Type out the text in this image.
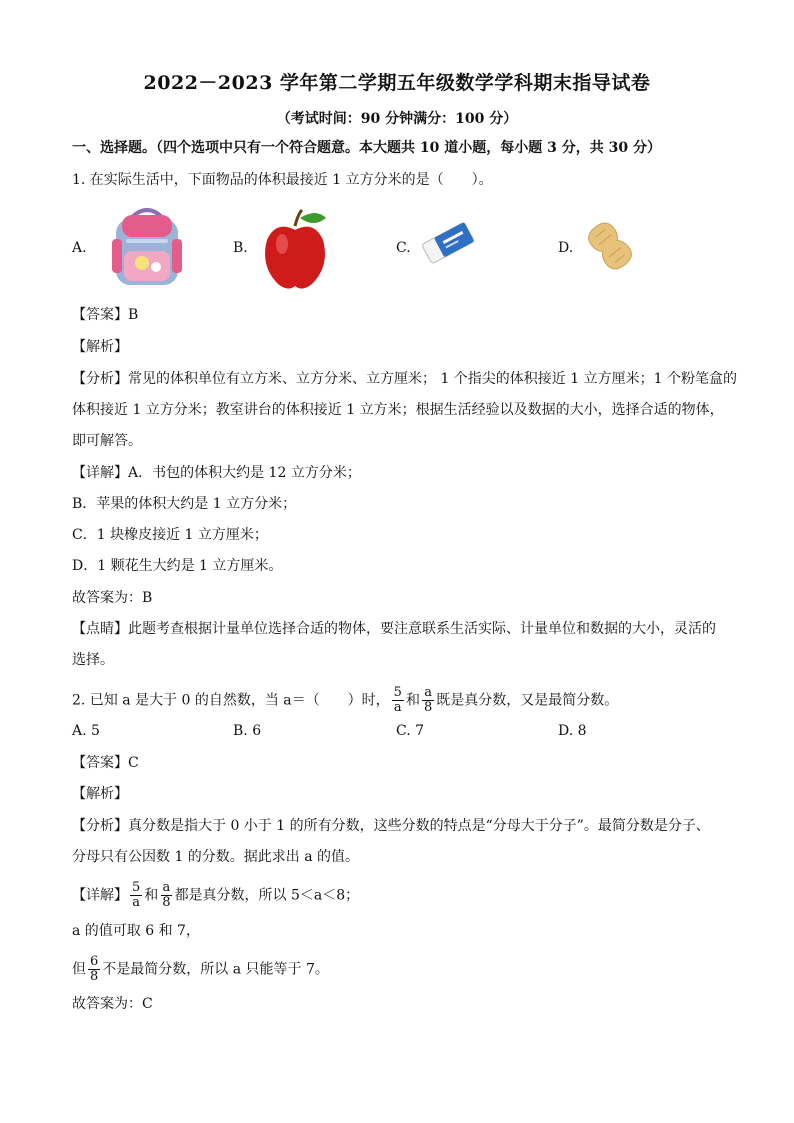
2022－2023 学年第二学期五年级数学学科期末指导试卷
（考试时间：90 分钟满分：100 分）
一、选择题。（四个选项中只有一个符合题意。本大题共 10 道小题，每小题 3 分，共 30 分）
1. 在实际生活中，下面物品的体积最接近 1 立方分米的是（　　）。
A.	B.	C.	D.
【答案】B
【解析】
【分析】常见的体积单位有立方米、立方分米、立方厘米； 1 个指尖的体积接近 1 立方厘米；1 个粉笔盒的
体积接近 1 立方分米；教室讲台的体积接近 1 立方米；根据生活经验以及数据的大小，选择合适的物体，
即可解答。
【详解】A．书包的体积大约是 12 立方分米；
B．苹果的体积大约是 1 立方分米；
C．1 块橡皮接近 1 立方厘米；
D．1 颗花生大约是 1 立方厘米。
故答案为：B
【点睛】此题考查根据计量单位选择合适的物体，要注意联系生活实际、计量单位和数据的大小，灵活的
选择。
2. 已知 a 是大于 0 的自然数，当 a＝（　　）时， $\frac{5}{a}$ 和 $\frac{a}{8}$ 既是真分数，又是最简分数。
A. 5	B. 6	C. 7	D. 8
【答案】C
【解析】
【分析】真分数是指大于 0 小于 1 的所有分数，这些分数的特点是“分母大于分子”。最简分数是分子、
分母只有公因数 1 的分数。据此求出 a 的值。
【详解】 $\frac{5}{a}$ 和 $\frac{a}{8}$ 都是真分数，所以 5＜a＜8；
a 的值可取 6 和 7，
但 $\frac{6}{8}$ 不是最简分数，所以 a 只能等于 7。
故答案为：C
